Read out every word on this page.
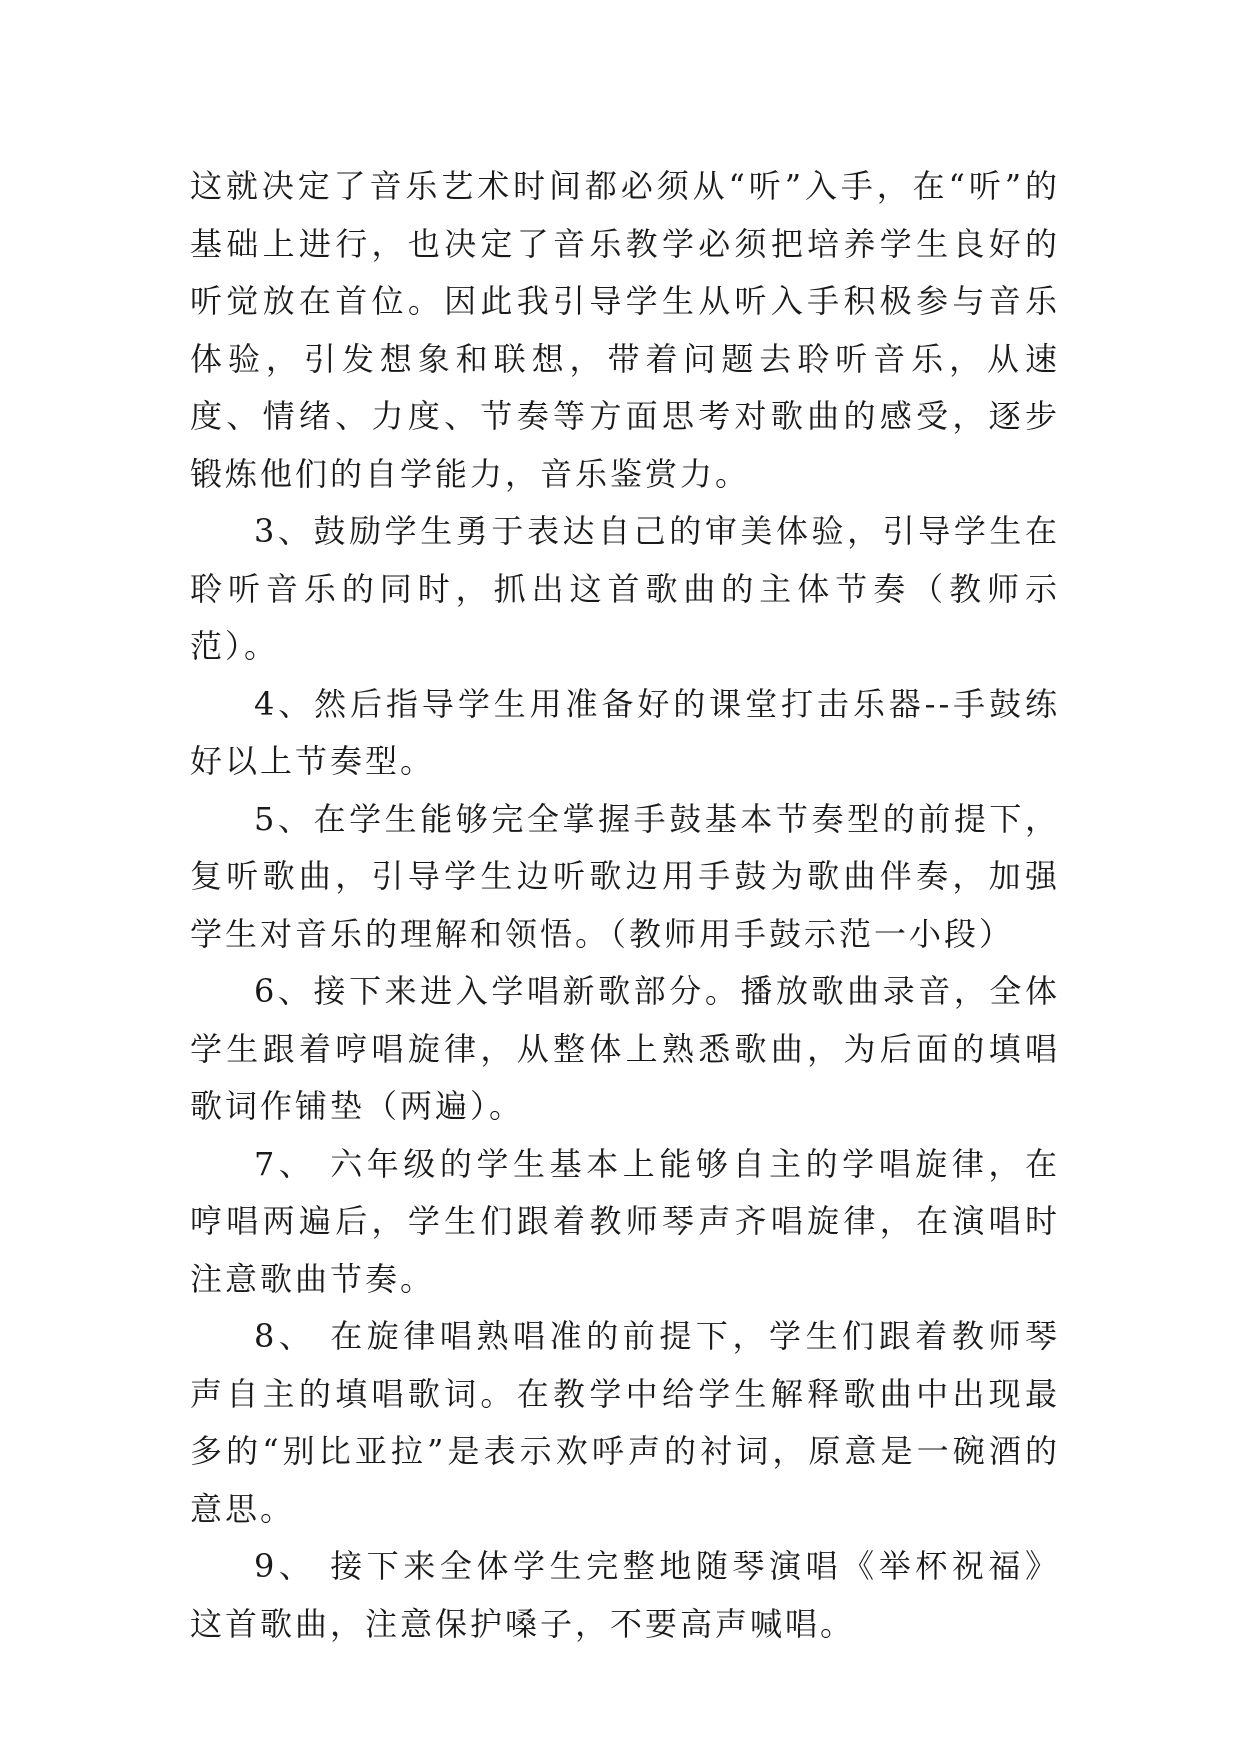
这就决定了音乐艺术时间都必须从“听”入手，在“听”的基础上进行，也决定了音乐教学必须把培养学生良好的听觉放在首位。因此我引导学生从听入手积极参与音乐体验，引发想象和联想，带着问题去聆听音乐，从速度、情绪、力度、节奏等方面思考对歌曲的感受，逐步锻炼他们的自学能力，音乐鉴赏力。

3、鼓励学生勇于表达自己的审美体验，引导学生在聆听音乐的同时，抓出这首歌曲的主体节奏（教师示范）。

4、然后指导学生用准备好的课堂打击乐器--手鼓练好以上节奏型。

5、在学生能够完全掌握手鼓基本节奏型的前提下，复听歌曲，引导学生边听歌边用手鼓为歌曲伴奏，加强学生对音乐的理解和领悟。（教师用手鼓示范一小段）

6、接下来进入学唱新歌部分。播放歌曲录音，全体学生跟着哼唱旋律，从整体上熟悉歌曲，为后面的填唱歌词作铺垫（两遍）。

7、 六年级的学生基本上能够自主的学唱旋律，在哼唱两遍后，学生们跟着教师琴声齐唱旋律，在演唱时注意歌曲节奏。

8、 在旋律唱熟唱准的前提下，学生们跟着教师琴声自主的填唱歌词。在教学中给学生解释歌曲中出现最多的“别比亚拉”是表示欢呼声的衬词，原意是一碗酒的意思。

9、 接下来全体学生完整地随琴演唱《举杯祝福》这首歌曲，注意保护嗓子，不要高声喊唱。
